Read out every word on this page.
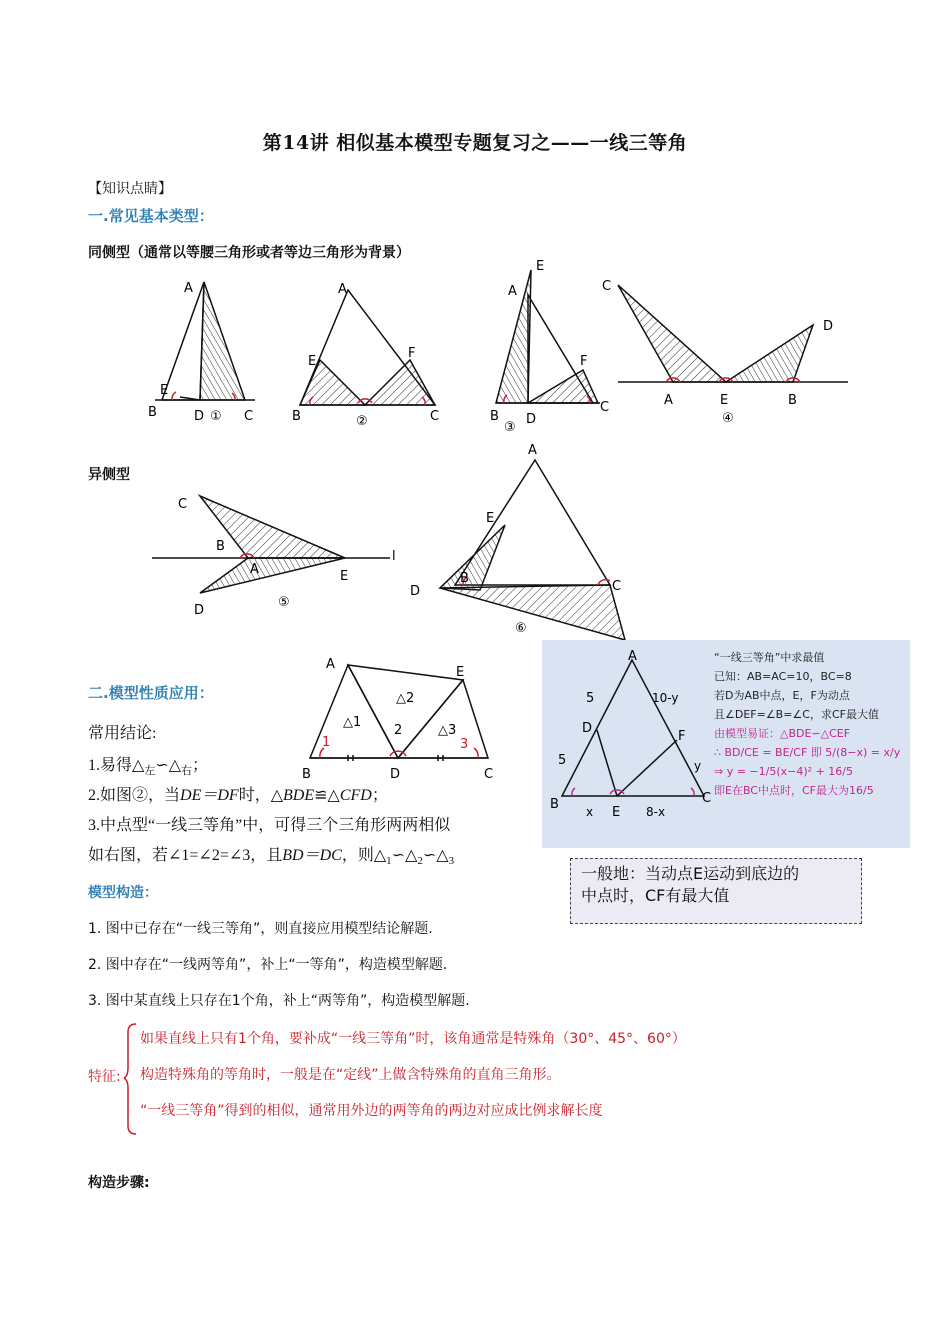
第14讲 相似基本模型专题复习之——一线三等角
【知识点睛】
一.常见基本类型：
同侧型（通常以等腰三角形或者等边三角形为背景）
A
E
B	D ① C
A
E
F
B	②	C
E
A
F
B
③
D
C
C
D
A	E
④
B
异侧型
C
B
A	E
l
D
⑤
A
E
B
C
D
⑥
二.模型性质应用：
常用结论:
1.易得$\triangle_左∽\triangle_右$；
2.如图②，当DE＝DF时，△BDE≌△CFD；
3.中点型“一线三等角”中，可得三个三角形两两相似
如右图，若∠1=∠2=∠3，且BD＝DC，则$\triangle_1∽\triangle_2∽\triangle_3$
A
E
△2
△1
2	△3
1	3
B	D	C
A
5	10-y
D
5
F
y
B x E 8-x
C
“一线三等角”中求最值
已知：AB=AC=10，BC=8
若D为AB中点，E，F为动点
且∠DEF=∠B=∠C，求CF最大值
由模型易证：△BDE∽△CEF
∴ BD/CE = BE/CF 即 5/(8−x) = x/y
⇒ y = −1/5(x−4)² + 16/5
即E在BC中点时，CF最大为16/5
一般地：当动点E运动到底边的
中点时，CF有最大值
模型构造：
1. 图中已存在“一线三等角”，则直接应用模型结论解题.
2. 图中存在“一线两等角”，补上“一等角”，构造模型解题.
3. 图中某直线上只存在1个角，补上“两等角”，构造模型解题.
特征:
如果直线上只有1个角，要补成“一线三等角”时，该角通常是特殊角（30°、45°、60°）
构造特殊角的等角时，一般是在“定线”上做含特殊角的直角三角形。
“一线三等角”得到的相似，通常用外边的两等角的两边对应成比例求解长度
构造步骤:
